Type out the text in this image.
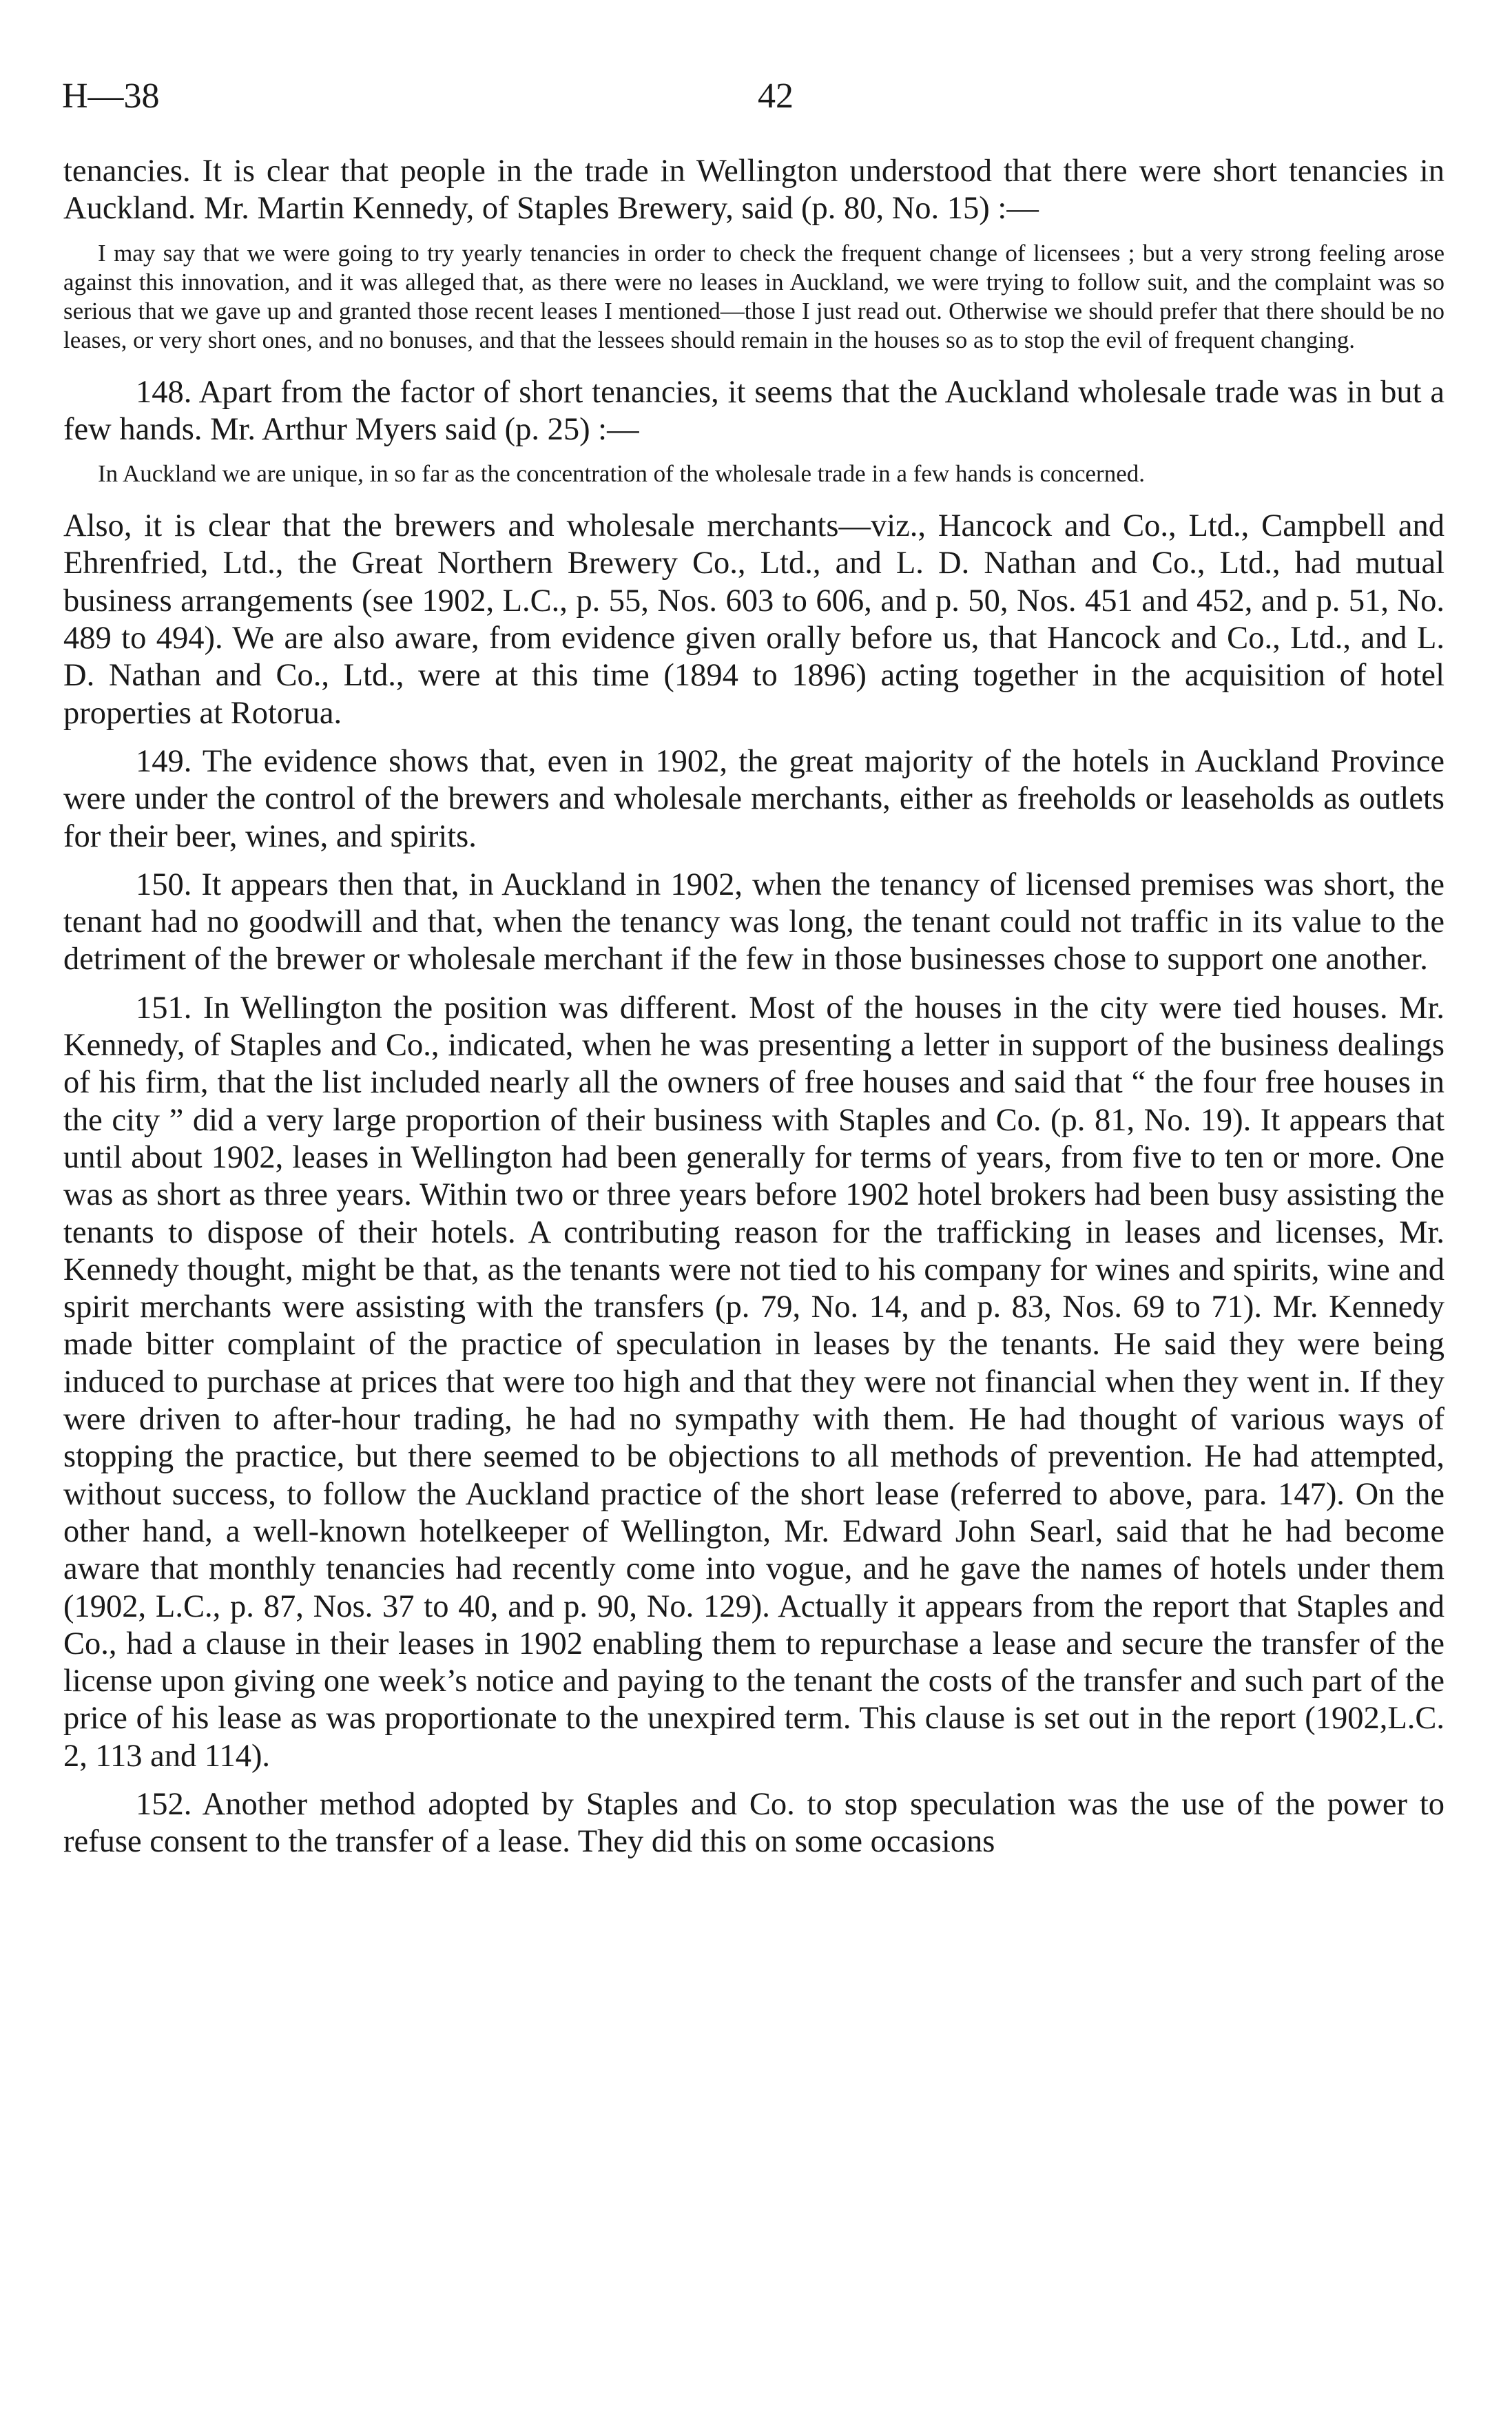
H—38	42

tenancies. It is clear that people in the trade in Wellington understood that there were short tenancies in Auckland. Mr. Martin Kennedy, of Staples Brewery, said (p. 80, No. 15) :—

I may say that we were going to try yearly tenancies in order to check the frequent change of licensees ; but a very strong feeling arose against this innovation, and it was alleged that, as there were no leases in Auckland, we were trying to follow suit, and the complaint was so serious that we gave up and granted those recent leases I mentioned—those I just read out. Otherwise we should prefer that there should be no leases, or very short ones, and no bonuses, and that the lessees should remain in the houses so as to stop the evil of frequent changing.

148. Apart from the factor of short tenancies, it seems that the Auckland wholesale trade was in but a few hands. Mr. Arthur Myers said (p. 25) :—

In Auckland we are unique, in so far as the concentration of the wholesale trade in a few hands is concerned.

Also, it is clear that the brewers and wholesale merchants—viz., Hancock and Co., Ltd., Campbell and Ehrenfried, Ltd., the Great Northern Brewery Co., Ltd., and L. D. Nathan and Co., Ltd., had mutual business arrangements (see 1902, L.C., p. 55, Nos. 603 to 606, and p. 50, Nos. 451 and 452, and p. 51, No. 489 to 494). We are also aware, from evidence given orally before us, that Hancock and Co., Ltd., and L. D. Nathan and Co., Ltd., were at this time (1894 to 1896) acting together in the acquisition of hotel properties at Rotorua.

149. The evidence shows that, even in 1902, the great majority of the hotels in Auckland Province were under the control of the brewers and wholesale merchants, either as freeholds or leaseholds as outlets for their beer, wines, and spirits.

150. It appears then that, in Auckland in 1902, when the tenancy of licensed premises was short, the tenant had no goodwill and that, when the tenancy was long, the tenant could not traffic in its value to the detriment of the brewer or wholesale merchant if the few in those businesses chose to support one another.

151. In Wellington the position was different. Most of the houses in the city were tied houses. Mr. Kennedy, of Staples and Co., indicated, when he was presenting a letter in support of the business dealings of his firm, that the list included nearly all the owners of free houses and said that “ the four free houses in the city ” did a very large proportion of their business with Staples and Co. (p. 81, No. 19). It appears that until about 1902, leases in Wellington had been generally for terms of years, from five to ten or more. One was as short as three years. Within two or three years before 1902 hotel brokers had been busy assisting the tenants to dispose of their hotels. A contributing reason for the trafficking in leases and licenses, Mr. Kennedy thought, might be that, as the tenants were not tied to his company for wines and spirits, wine and spirit merchants were assisting with the transfers (p. 79, No. 14, and p. 83, Nos. 69 to 71). Mr. Kennedy made bitter complaint of the practice of speculation in leases by the tenants. He said they were being induced to purchase at prices that were too high and that they were not financial when they went in. If they were driven to after-hour trading, he had no sympathy with them. He had thought of various ways of stopping the practice, but there seemed to be objections to all methods of prevention. He had attempted, without success, to follow the Auckland practice of the short lease (referred to above, para. 147). On the other hand, a well-known hotelkeeper of Wellington, Mr. Edward John Searl, said that he had become aware that monthly tenancies had recently come into vogue, and he gave the names of hotels under them (1902, L.C., p. 87, Nos. 37 to 40, and p. 90, No. 129). Actually it appears from the report that Staples and Co., had a clause in their leases in 1902 enabling them to repurchase a lease and secure the transfer of the license upon giving one week’s notice and paying to the tenant the costs of the transfer and such part of the price of his lease as was proportionate to the unexpired term. This clause is set out in the report (1902,L.C. 2, 113 and 114).

152. Another method adopted by Staples and Co. to stop speculation was the use of the power to refuse consent to the transfer of a lease. They did this on some occasions
